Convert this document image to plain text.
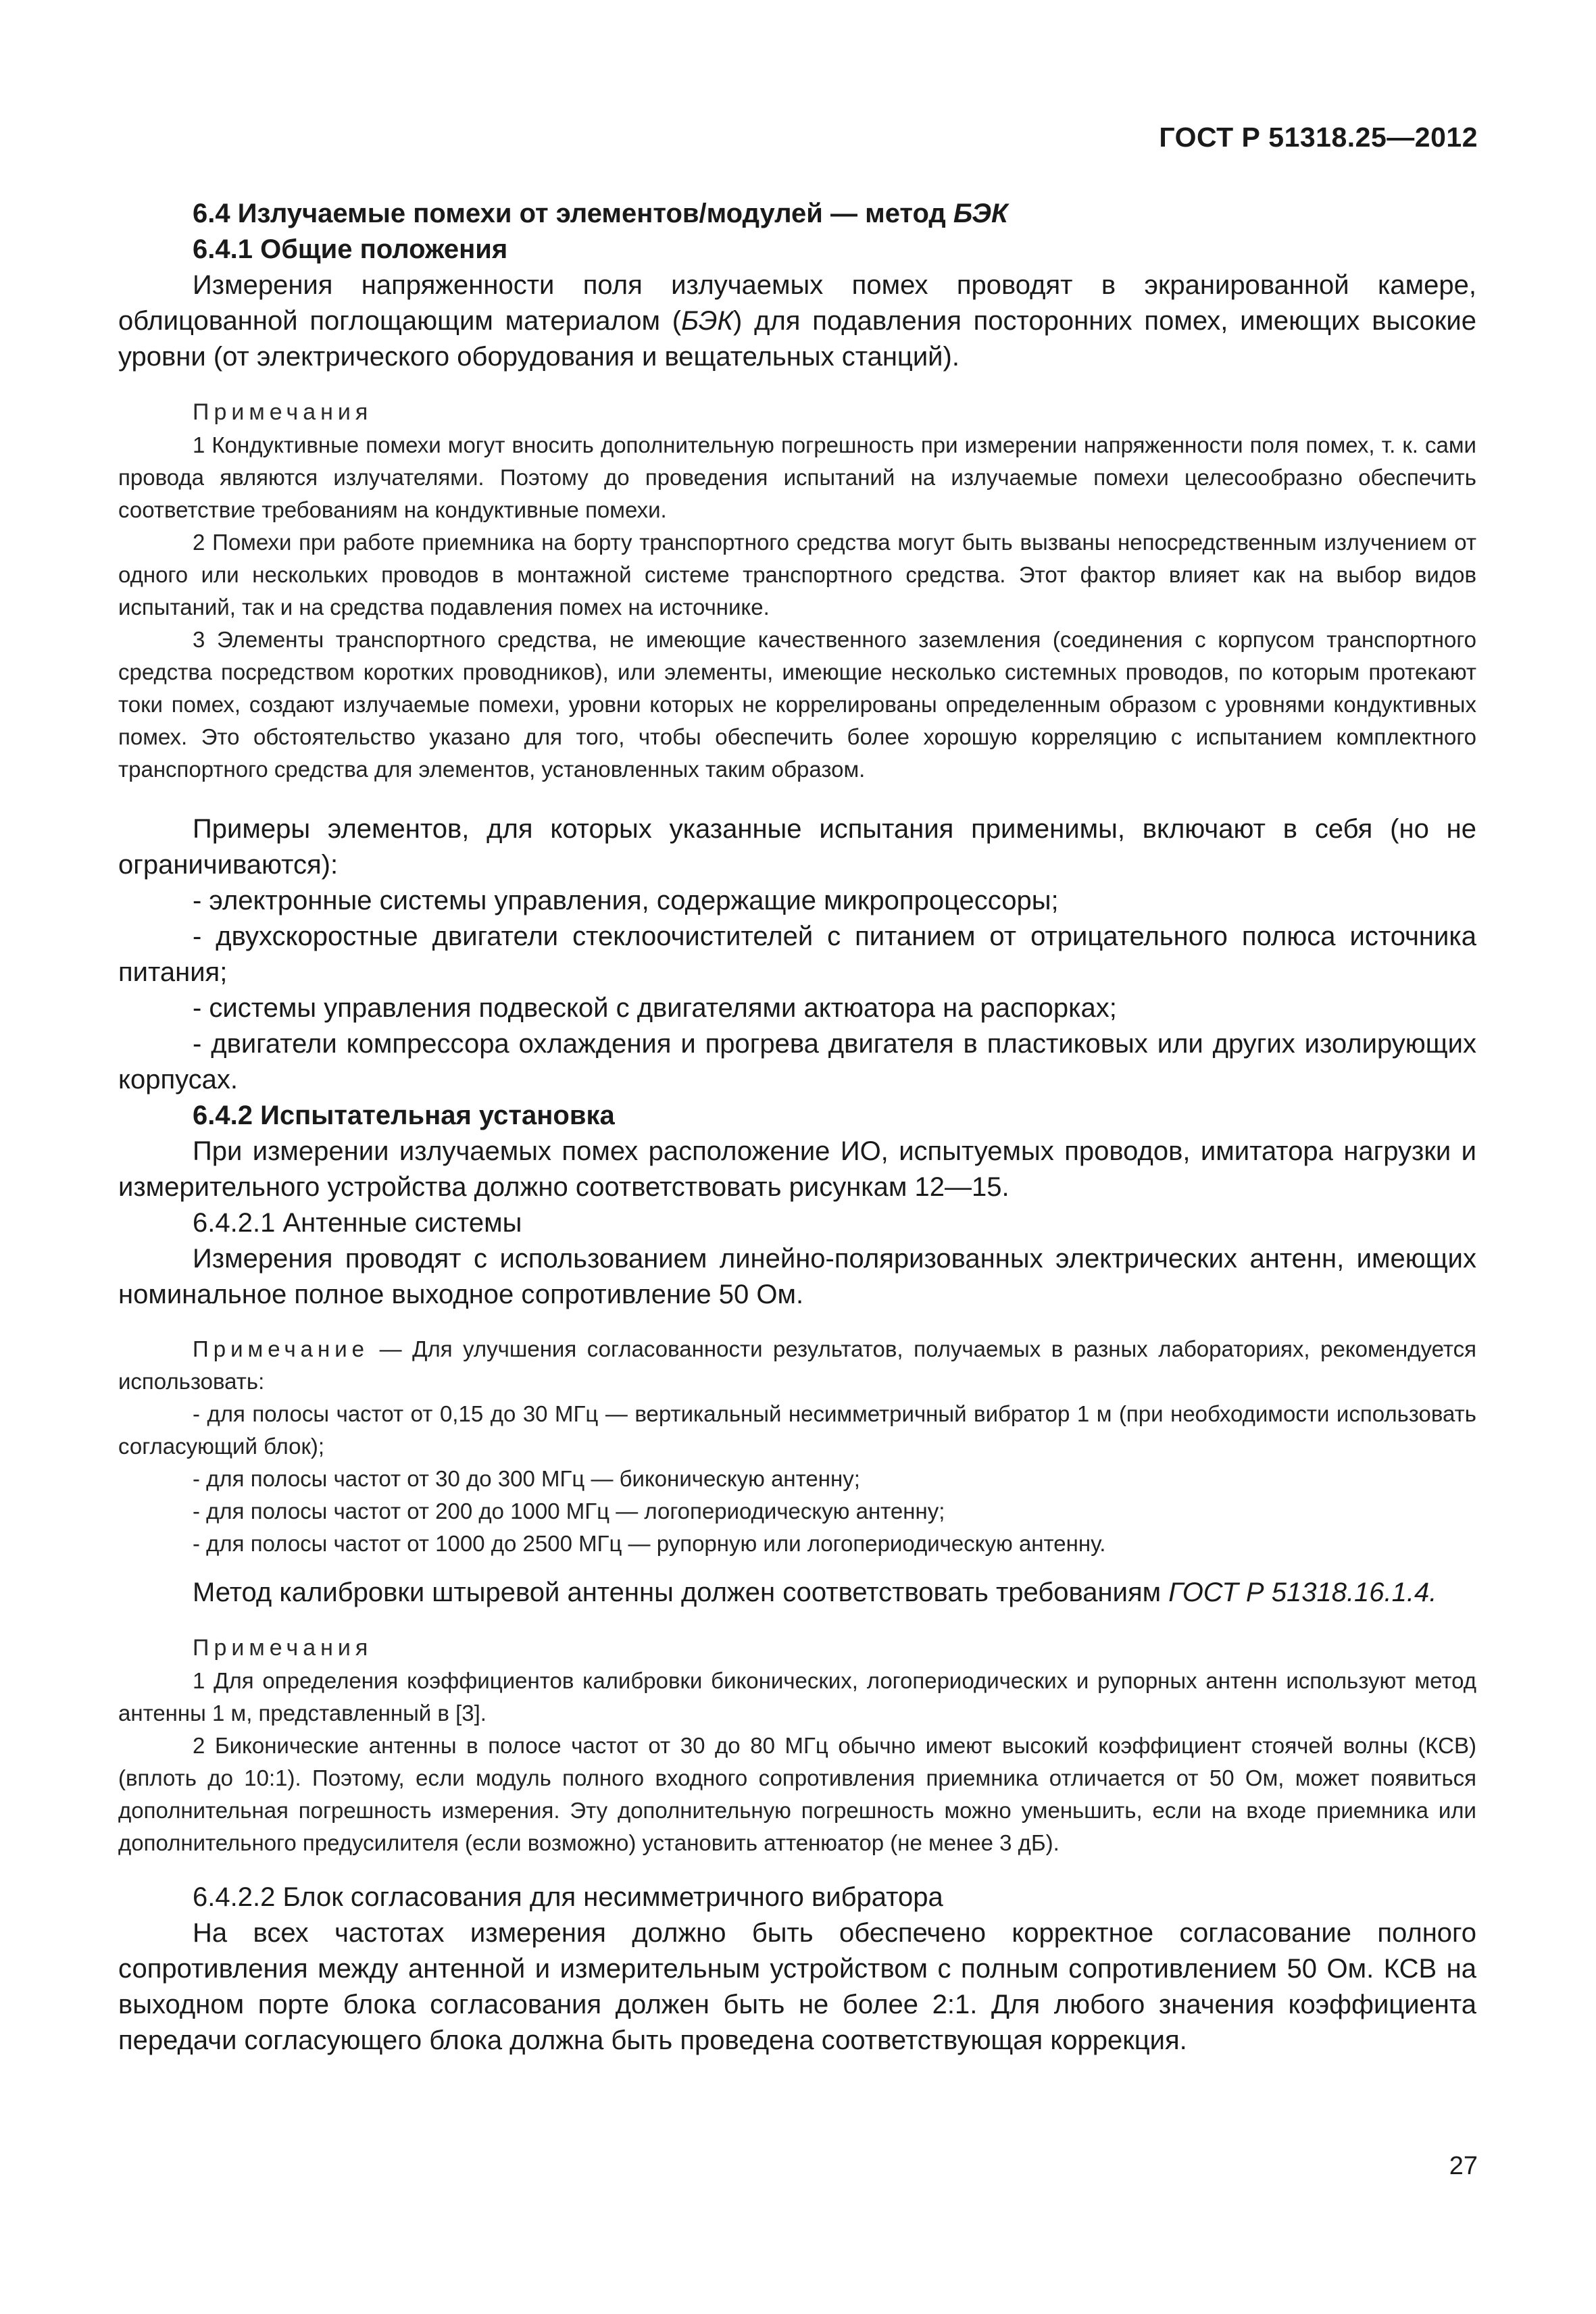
ГОСТ Р 51318.25—2012

6.4 Излучаемые помехи от элементов/модулей — метод БЭК

6.4.1 Общие положения

Измерения напряженности поля излучаемых помех проводят в экранированной камере, облицованной поглощающим материалом (БЭК) для подавления посторонних помех, имеющих высокие уровни (от электрического оборудования и вещательных станций).

Примечания

1 Кондуктивные помехи могут вносить дополнительную погрешность при измерении напряженности поля помех, т. к. сами провода являются излучателями. Поэтому до проведения испытаний на излучаемые помехи целесообразно обеспечить соответствие требованиям на кондуктивные помехи.

2 Помехи при работе приемника на борту транспортного средства могут быть вызваны непосредственным излучением от одного или нескольких проводов в монтажной системе транспортного средства. Этот фактор влияет как на выбор видов испытаний, так и на средства подавления помех на источнике.

3 Элементы транспортного средства, не имеющие качественного заземления (соединения с корпусом транспортного средства посредством коротких проводников), или элементы, имеющие несколько системных проводов, по которым протекают токи помех, создают излучаемые помехи, уровни которых не коррелированы определенным образом с уровнями кондуктивных помех. Это обстоятельство указано для того, чтобы обеспечить более хорошую корреляцию с испытанием комплектного транспортного средства для элементов, установленных таким образом.

Примеры элементов, для которых указанные испытания применимы, включают в себя (но не ограничиваются):

- электронные системы управления, содержащие микропроцессоры;

- двухскоростные двигатели стеклоочистителей с питанием от отрицательного полюса источника питания;

- системы управления подвеской с двигателями актюатора на распорках;

- двигатели компрессора охлаждения и прогрева двигателя в пластиковых или других изолирующих корпусах.

6.4.2 Испытательная установка

При измерении излучаемых помех расположение ИО, испытуемых проводов, имитатора нагрузки и измерительного устройства должно соответствовать рисункам 12—15.

6.4.2.1 Антенные системы

Измерения проводят с использованием линейно-поляризованных электрических антенн, имеющих номинальное полное выходное сопротивление 50 Ом.

Примечание — Для улучшения согласованности результатов, получаемых в разных лабораториях, рекомендуется использовать:

- для полосы частот от 0,15 до 30 МГц — вертикальный несимметричный вибратор 1 м (при необходимости использовать согласующий блок);

- для полосы частот от 30 до 300 МГц — биконическую антенну;

- для полосы частот от 200 до 1000 МГц — логопериодическую антенну;

- для полосы частот от 1000 до 2500 МГц — рупорную или логопериодическую антенну.

Метод калибровки штыревой антенны должен соответствовать требованиям ГОСТ Р 51318.16.1.4.

Примечания

1 Для определения коэффициентов калибровки биконических, логопериодических и рупорных антенн используют метод антенны 1 м, представленный в [3].

2 Биконические антенны в полосе частот от 30 до 80 МГц обычно имеют высокий коэффициент стоячей волны (КСВ) (вплоть до 10:1). Поэтому, если модуль полного входного сопротивления приемника отличается от 50 Ом, может появиться дополнительная погрешность измерения. Эту дополнительную погрешность можно уменьшить, если на входе приемника или дополнительного предусилителя (если возможно) установить аттенюатор (не менее 3 дБ).

6.4.2.2 Блок согласования для несимметричного вибратора

На всех частотах измерения должно быть обеспечено корректное согласование полного сопротивления между антенной и измерительным устройством с полным сопротивлением 50 Ом. КСВ на выходном порте блока согласования должен быть не более 2:1. Для любого значения коэффициента передачи согласующего блока должна быть проведена соответствующая коррекция.

27
